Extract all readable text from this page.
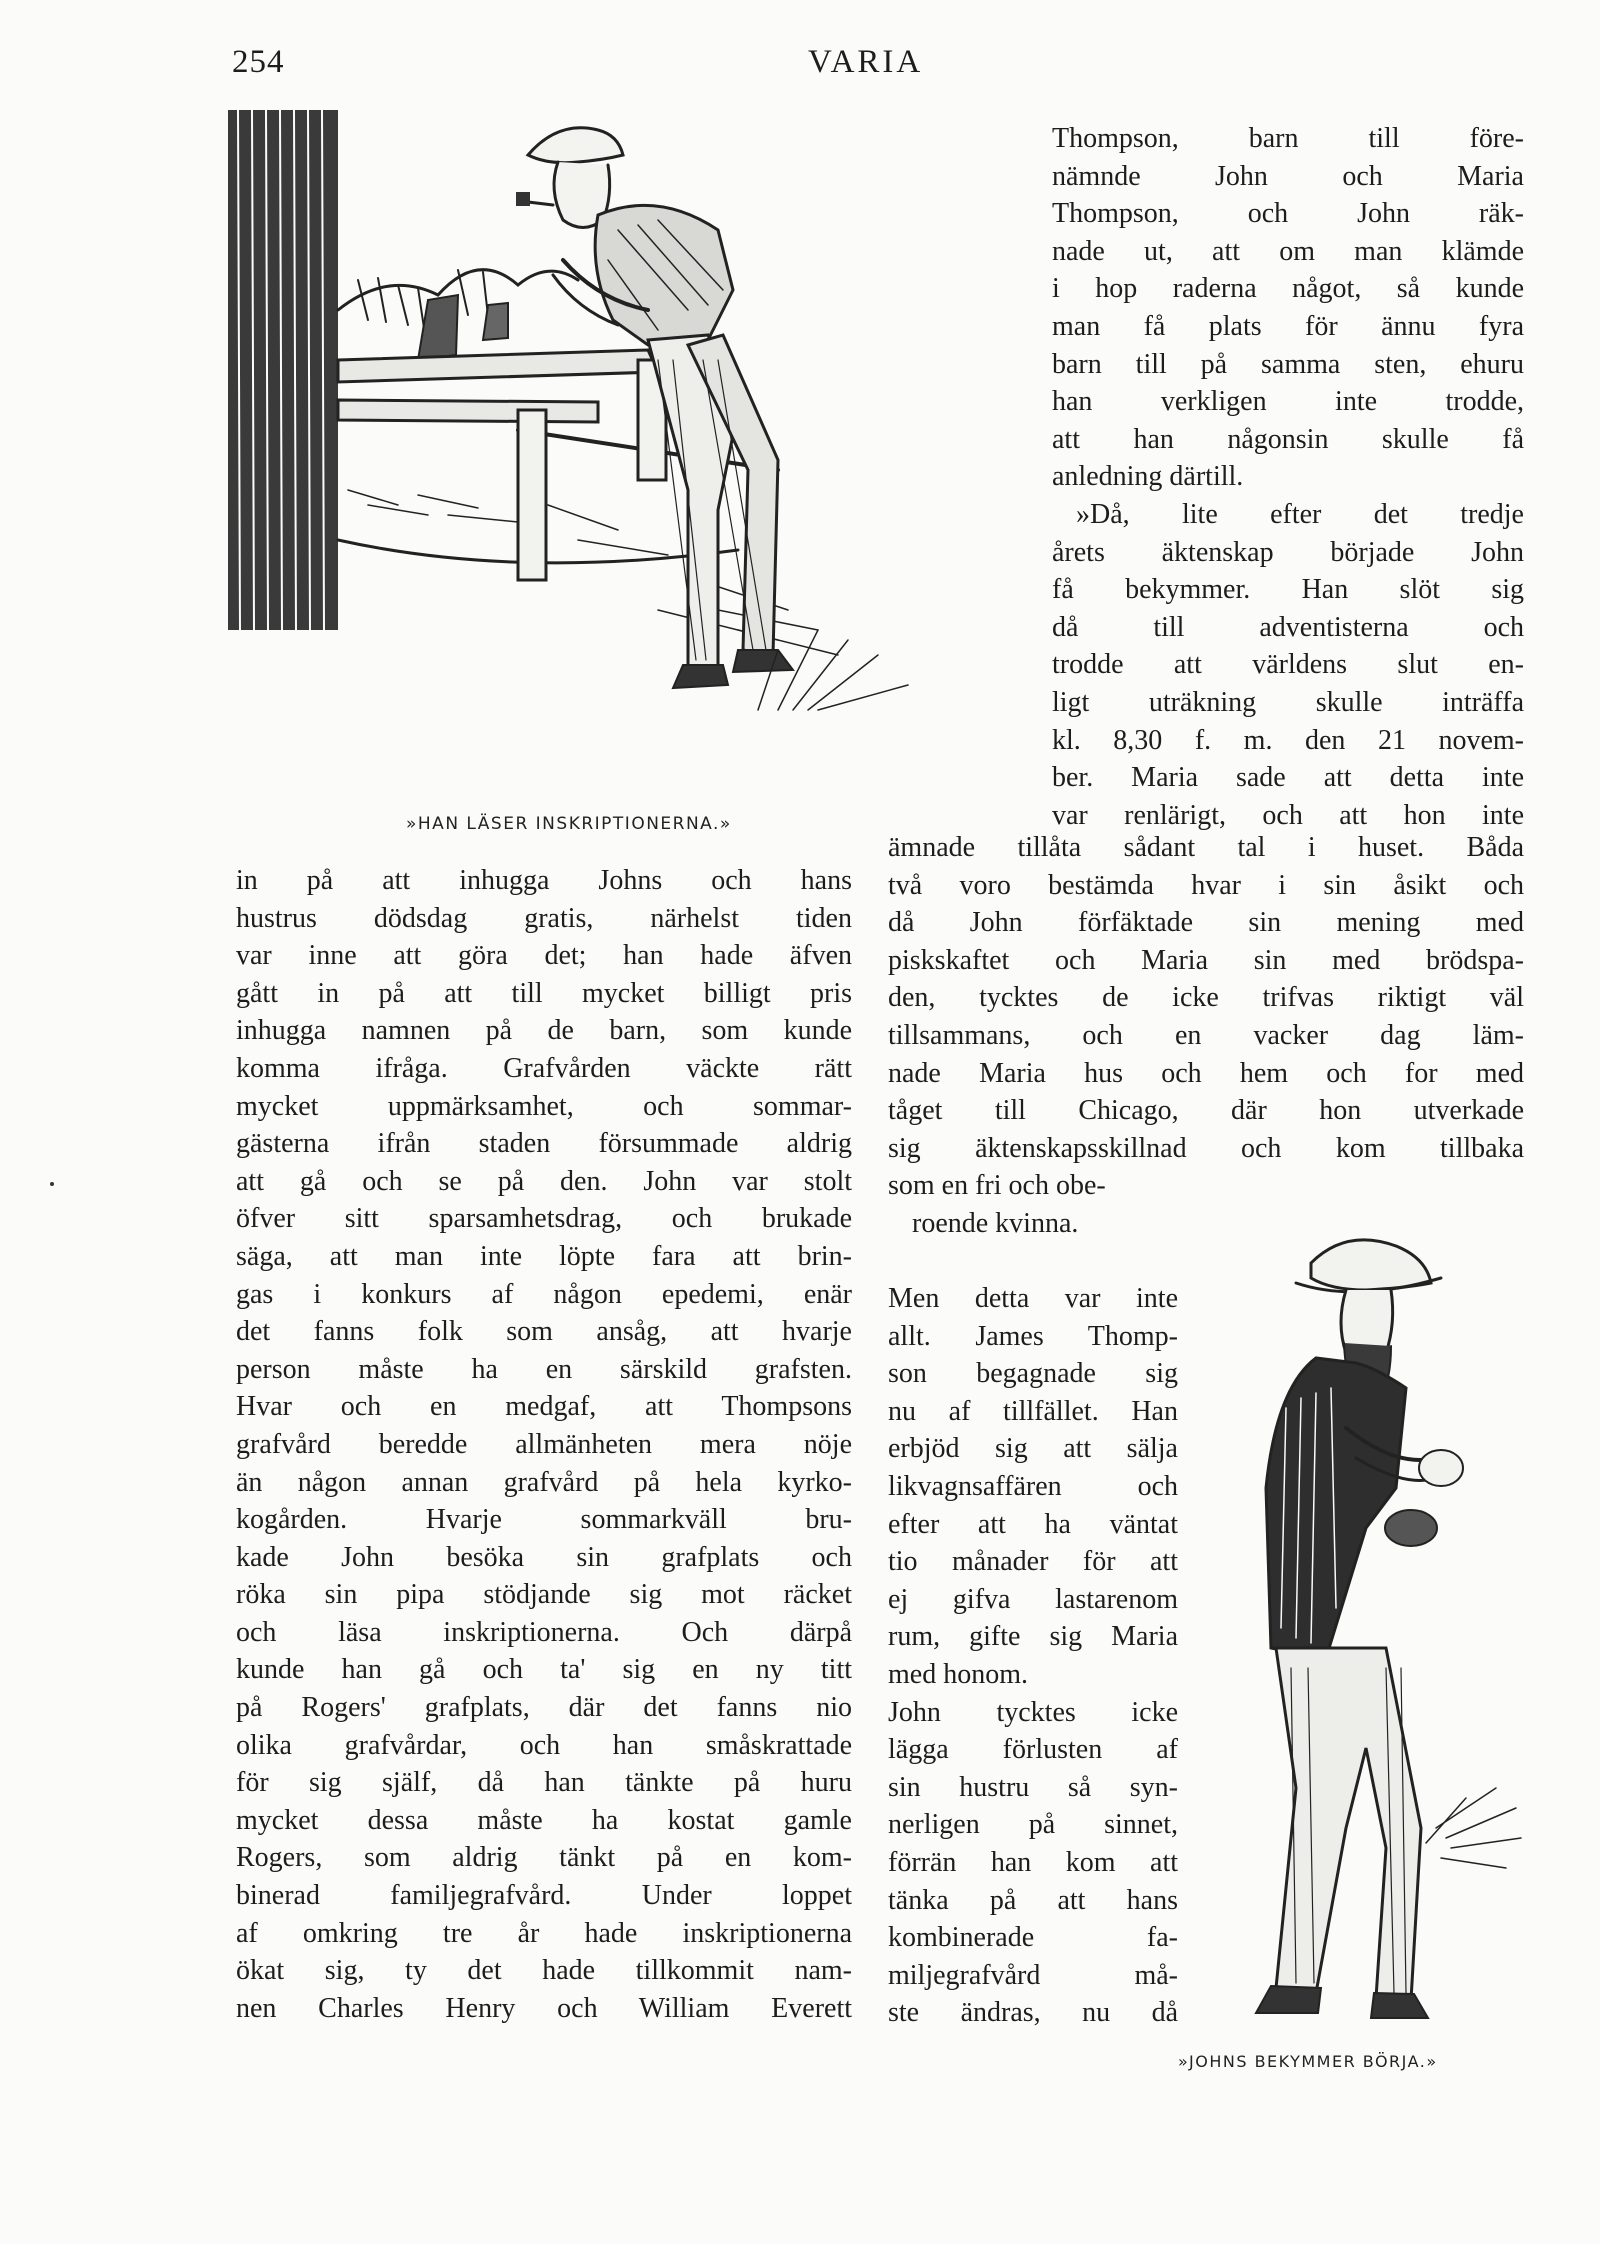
254	VARIA
»HAN LÄSER INSKRIPTIONERNA.»
Thompson, barn till före-
nämnde John och Maria
Thompson, och John räk-
nade ut, att om man klämde
i hop raderna något, så kunde
man få plats för ännu fyra
barn till på samma sten, ehuru
han verkligen inte trodde,
att han någonsin skulle få
anledning därtill.
»Då, lite efter det tredje
årets äktenskap började John
få bekymmer. Han slöt sig
då till adventisterna och
trodde att världens slut en-
ligt uträkning skulle inträffa
kl. 8,30 f. m. den 21 novem-
ber. Maria sade att detta inte
var renlärigt, och att hon inte
in på att inhugga Johns och hans
hustrus dödsdag gratis, närhelst tiden
var inne att göra det; han hade äfven
gått in på att till mycket billigt pris
inhugga namnen på de barn, som kunde
komma ifråga. Grafvården väckte rätt
mycket uppmärksamhet, och sommar-
gästerna ifrån staden försummade aldrig
att gå och se på den. John var stolt
öfver sitt sparsamhetsdrag, och brukade
säga, att man inte löpte fara att brin-
gas i konkurs af någon epedemi, enär
det fanns folk som ansåg, att hvarje
person måste ha en särskild grafsten.
Hvar och en medgaf, att Thompsons
grafvård beredde allmänheten mera nöje
än någon annan grafvård på hela kyrko-
kogården. Hvarje sommarkväll bru-
kade John besöka sin grafplats och
röka sin pipa stödjande sig mot räcket
och läsa inskriptionerna. Och därpå
kunde han gå och ta' sig en ny titt
på Rogers' grafplats, där det fanns nio
olika grafvårdar, och han småskrattade
för sig själf, då han tänkte på huru
mycket dessa måste ha kostat gamle
Rogers, som aldrig tänkt på en kom-
binerad familjegrafvård. Under loppet
af omkring tre år hade inskriptionerna
ökat sig, ty det hade tillkommit nam-
nen Charles Henry och William Everett
ämnade tillåta sådant tal i huset. Båda
två voro bestämda hvar i sin åsikt och
då John förfäktade sin mening med
piskskaftet och Maria sin med brödspa-
den, tycktes de icke trifvas riktigt väl
tillsammans, och en vacker dag läm-
nade Maria hus och hem och for med
tåget till Chicago, där hon utverkade
sig äktenskapsskillnad och kom tillbaka
som en fri och obe-
roende kvinna.
Men detta var inte
allt. James Thomp-
son begagnade sig
nu af tillfället. Han
erbjöd sig att sälja
likvagnsaffären och
efter att ha väntat
tio månader för att
ej gifva lastarenom
rum, gifte sig Maria
med honom.
John tycktes icke
lägga förlusten af
sin hustru så syn-
nerligen på sinnet,
förrän han kom att
tänka på att hans
kombinerade fa-
miljegrafvård må-
ste ändras, nu då
»JOHNS BEKYMMER BÖRJA.»
